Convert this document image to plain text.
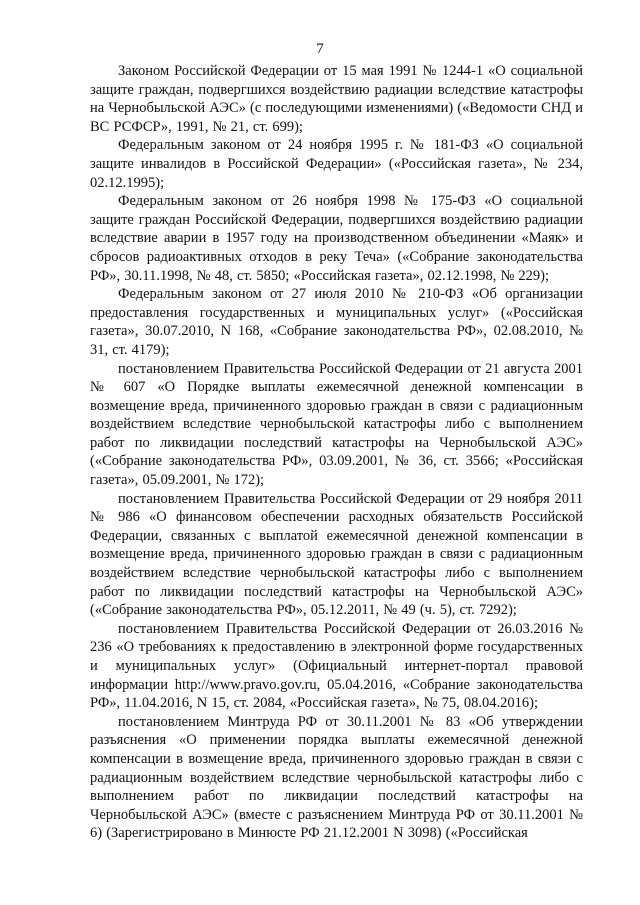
7

Законом Российской Федерации от 15 мая 1991 № 1244-1 «О социальной защите граждан, подвергшихся воздействию радиации вследствие катастрофы на Чернобыльской АЭС» (с последующими изменениями) («Ведомости СНД и ВС РСФСР», 1991, № 21, ст. 699);

Федеральным законом от 24 ноября 1995 г. № 181-ФЗ «О социальной защите инвалидов в Российской Федерации» («Российская газета», № 234, 02.12.1995);

Федеральным законом от 26 ноября 1998 № 175-ФЗ «О социальной защите граждан Российской Федерации, подвергшихся воздействию радиации вследствие аварии в 1957 году на производственном объединении «Маяк» и сбросов радиоактивных отходов в реку Теча» («Собрание законодательства РФ», 30.11.1998, № 48, ст. 5850; «Российская газета», 02.12.1998, № 229);

Федеральным законом от 27 июля 2010 № 210-ФЗ «Об организации предоставления государственных и муниципальных услуг» («Российская газета», 30.07.2010, N 168, «Собрание законодательства РФ», 02.08.2010, № 31, ст. 4179);

постановлением Правительства Российской Федерации от 21 августа 2001 № 607 «О Порядке выплаты ежемесячной денежной компенсации в возмещение вреда, причиненного здоровью граждан в связи с радиационным воздействием вследствие чернобыльской катастрофы либо с выполнением работ по ликвидации последствий катастрофы на Чернобыльской АЭС» («Собрание законодательства РФ», 03.09.2001, № 36, ст. 3566; «Российская газета», 05.09.2001, № 172);

постановлением Правительства Российской Федерации от 29 ноября 2011 № 986 «О финансовом обеспечении расходных обязательств Российской Федерации, связанных с выплатой ежемесячной денежной компенсации в возмещение вреда, причиненного здоровью граждан в связи с радиационным воздействием вследствие чернобыльской катастрофы либо с выполнением работ по ликвидации последствий катастрофы на Чернобыльской АЭС» («Собрание законодательства РФ», 05.12.2011, № 49 (ч. 5), ст. 7292);

постановлением Правительства Российской Федерации от 26.03.2016 № 236 «О требованиях к предоставлению в электронной форме государственных и муниципальных услуг» (Официальный интернет-портал правовой информации http://www.pravo.gov.ru, 05.04.2016, «Собрание законодательства РФ», 11.04.2016, N 15, ст. 2084, «Российская газета», № 75, 08.04.2016);

постановлением Минтруда РФ от 30.11.2001 № 83 «Об утверждении разъяснения «О применении порядка выплаты ежемесячной денежной компенсации в возмещение вреда, причиненного здоровью граждан в связи с радиационным воздействием вследствие чернобыльской катастрофы либо с выполнением работ по ликвидации последствий катастрофы на Чернобыльской АЭС» (вместе с разъяснением Минтруда РФ от 30.11.2001 № 6) (Зарегистрировано в Минюсте РФ 21.12.2001 N 3098) («Российская
